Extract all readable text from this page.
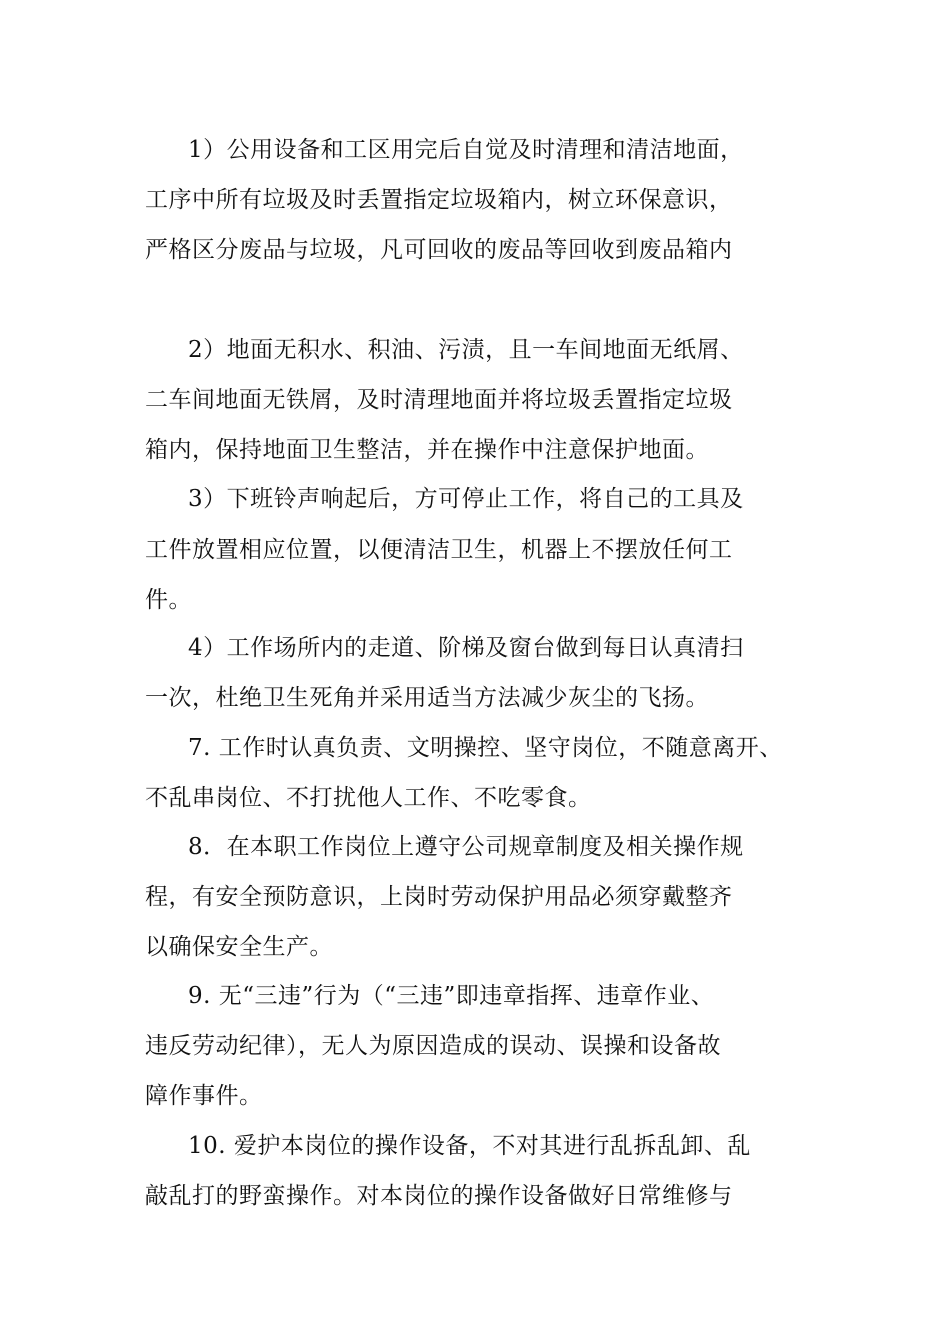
1）公用设备和工区用完后自觉及时清理和清洁地面，
工序中所有垃圾及时丢置指定垃圾箱内，树立环保意识，
严格区分废品与垃圾，凡可回收的废品等回收到废品箱内
2）地面无积水、积油、污渍，且一车间地面无纸屑、
二车间地面无铁屑，及时清理地面并将垃圾丢置指定垃圾
箱内，保持地面卫生整洁，并在操作中注意保护地面。
3）下班铃声响起后，方可停止工作，将自己的工具及
工件放置相应位置，以便清洁卫生，机器上不摆放任何工
件。
4）工作场所内的走道、阶梯及窗台做到每日认真清扫
一次，杜绝卫生死角并采用适当方法减少灰尘的飞扬。
7. 工作时认真负责、文明操控、坚守岗位，不随意离开、
不乱串岗位、不打扰他人工作、不吃零食。
8．在本职工作岗位上遵守公司规章制度及相关操作规
程，有安全预防意识，上岗时劳动保护用品必须穿戴整齐
以确保安全生产。
9. 无“三违”行为（“三违”即违章指挥、违章作业、
违反劳动纪律），无人为原因造成的误动、误操和设备故
障作事件。
10. 爱护本岗位的操作设备，不对其进行乱拆乱卸、乱
敲乱打的野蛮操作。对本岗位的操作设备做好日常维修与
